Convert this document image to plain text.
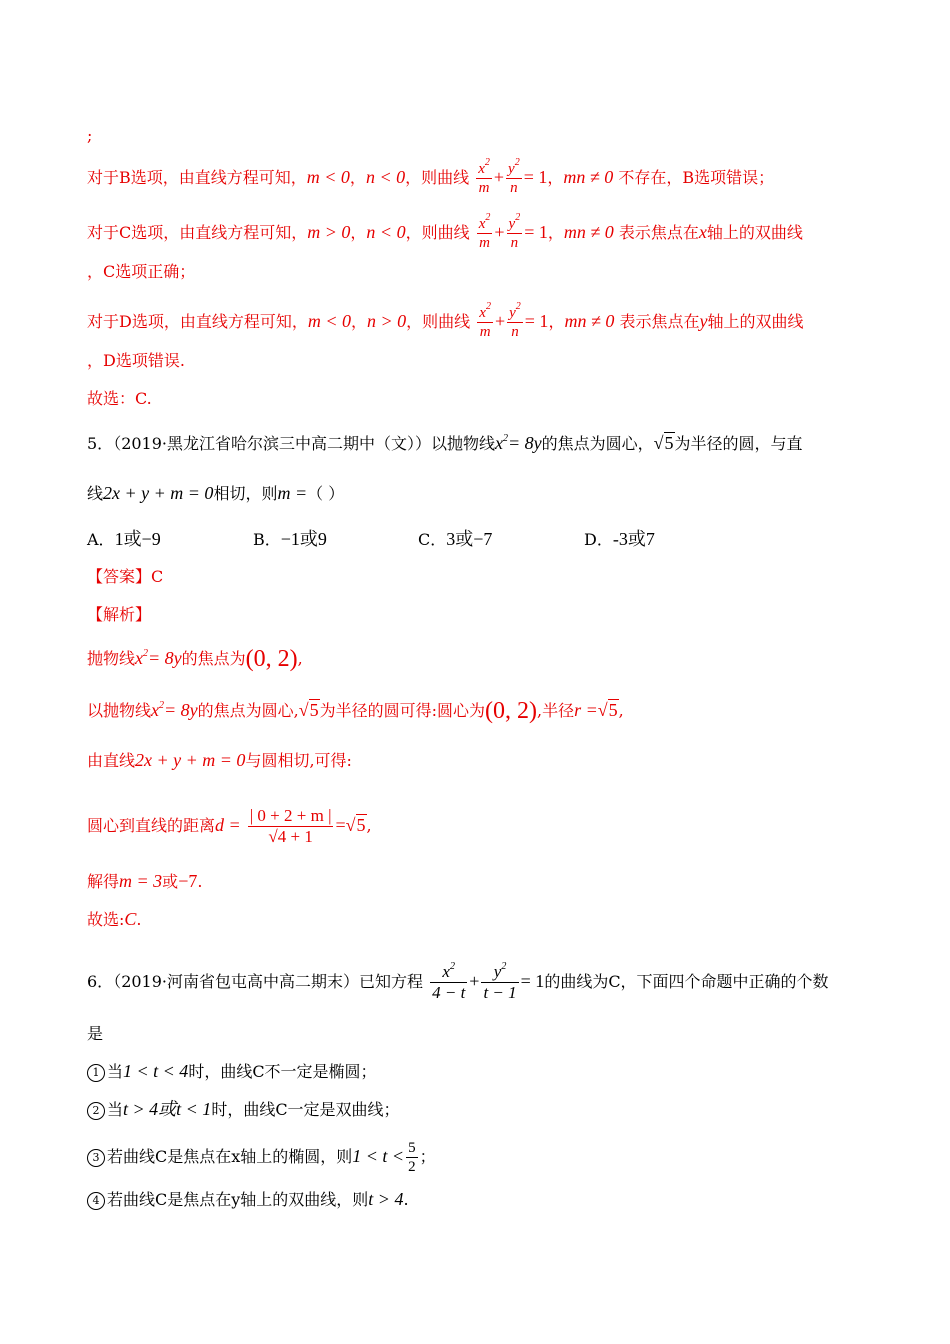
;
对于B选项，由直线方程可知，m < 0，n < 0，则曲线 $\frac{x^2}{m} + \frac{y^2}{n} = 1$，mn ≠ 0 不存在，B选项错误；
对于C选项，由直线方程可知，m > 0，n < 0，则曲线 $\frac{x^2}{m} + \frac{y^2}{n} = 1$，mn ≠ 0 表示焦点在x轴上的双曲线
，C选项正确；
对于D选项，由直线方程可知，m < 0，n > 0，则曲线 $\frac{x^2}{m} + \frac{y^2}{n} = 1$，mn ≠ 0 表示焦点在y轴上的双曲线
，D选项错误.
故选：C.
5．（2019·黑龙江省哈尔滨三中高二期中（文））以抛物线$x^2= 8y$的焦点为圆心，√5为半径的圆，与直
线2x + y + m = 0相切，则m =（ ）
A．1或−9	B．−1或9	C．3或−7	D．-3或7
【答案】C
【解析】
抛物线$x^2= 8y$的焦点为(0, 2),
以抛物线$x^2= 8y$的焦点为圆心,√5为半径的圆可得:圆心为(0, 2),半径r =√5,
由直线2x + y + m = 0与圆相切,可得:
圆心到直线的距离$d = \frac{| 0 + 2 + m |}{√4 + 1} =√5$,
解得m = 3或−7.
故选:C.
6．（2019·河南省包屯高中高二期末）已知方程 $\frac{x^2}{4 - t} + \frac{y^2}{t - 1} = 1$的曲线为C，下面四个命题中正确的个数
是
1 当1 < t < 4时，曲线C不一定是椭圆；
2 当t > 4或t < 1时，曲线C一定是双曲线；
3 若曲线C是焦点在x轴上的椭圆，则$1 < t < \frac{5}{2}$ ；
4 若曲线C是焦点在y轴上的双曲线，则t > 4.
